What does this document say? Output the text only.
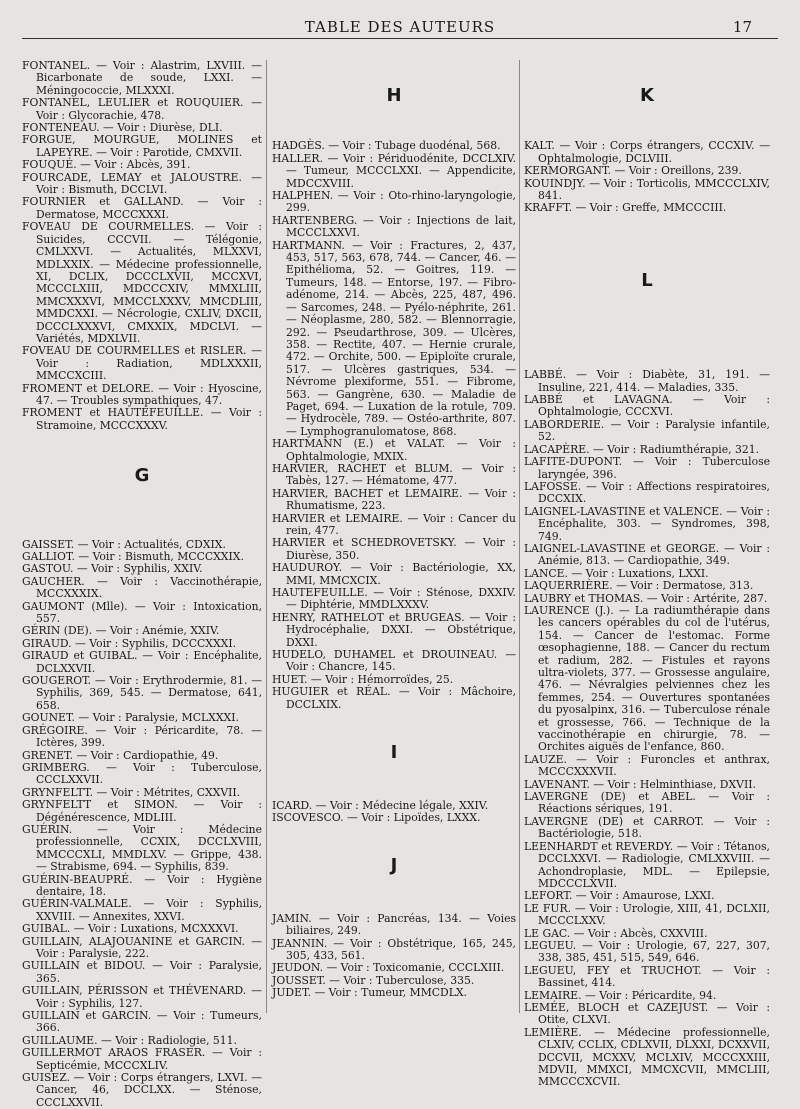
TABLE DES AUTEURS	17

FONTANEL. — Voir : Alastrim, LXVIII. — Bicarbonate de soude, LXXI. — Méningococcie, MLXXXI.

FONTANEL, LEULIER et ROUQUIER. — Voir : Glycorachie, 478.

FONTENEAU. — Voir : Diurèse, DLI.

FORGUE, MOURGUE, MOLINES et LAPEYRE. — Voir : Parotide, CMXVII.

FOUQUÉ. — Voir : Abcès, 391.

FOURCADE, LEMAY et JALOUSTRE. — Voir : Bismuth, DCCLVI.

FOURNIER et GALLAND. — Voir : Dermatose, MCCCXXXI.

FOVEAU DE COURMELLES. — Voir : Suicides, CCCVII. — Télégonie, CMLXXVI. — Actualités, MLXXVI, MDLXXIX. — Médecine professionnelle, XI, DCLIX, DCCCLXVII, MCCXVI, MCCCLXIII, MDCCCXIV, MMXLIII, MMCXXXVI, MMCCLXXXV, MMCDLIII, MMDCXXI. — Nécrologie, CXLIV, DXCII, DCCCLXXXVI, CMXXIX, MDCLVI. — Variétés, MDXLVII.

FOVEAU DE COURMELLES et RISLER. — Voir : Radiation, MDLXXXII, MMCCXCIII.

FROMENT et DELORE. — Voir : Hyoscine, 47. — Troubles sympathiques, 47.

FROMENT et HAUTEFEUILLE. — Voir : Stramoine, MCCCXXXV.

G

GAISSET. — Voir : Actualités, CDXIX.

GALLIOT. — Voir : Bismuth, MCCCXXIX.

GASTOU. — Voir : Syphilis, XXIV.

GAUCHER. — Voir : Vaccinothérapie, MCCXXXIX.

GAUMONT (Mlle). — Voir : Intoxication, 557.

GÉRIN (DE). — Voir : Anémie, XXIV.

GIRAUD. — Voir : Syphilis, DCCCXXXI.

GIRAUD et GUIBAL. — Voir : Encéphalite, DCLXXVII.

GOUGEROT. — Voir : Erythrodermie, 81. — Syphilis, 369, 545. — Dermatose, 641, 658.

GOUNET. — Voir : Paralysie, MCLXXXI.

GRÉGOIRE. — Voir : Péricardite, 78. — Ictères, 399.

GRENET. — Voir : Cardiopathie, 49.

GRIMBERG. — Voir : Tuberculose, CCCLXXVII.

GRYNFELTT. — Voir : Métrites, CXXVII.

GRYNFELTT et SIMON. — Voir : Dégénérescence, MDLIII.

GUÉRIN. — Voir : Médecine professionnelle, CCXIX, DCCLXVIII, MMCCCXLI, MMDLXV. — Grippe, 438. — Strabisme, 694. — Syphilis, 839.

GUÉRIN-BEAUPRÉ. — Voir : Hygiène dentaire, 18.

GUÉRIN-VALMALE. — Voir : Syphilis, XXVIII. — Annexites, XXVI.

GUIBAL. — Voir : Luxations, MCXXXVI.

GUILLAIN, ALAJOUANINE et GARCIN. — Voir : Paralysie, 222.

GUILLAIN et BIDOU. — Voir : Paralysie, 365.

GUILLAIN, PÉRISSON et THÉVENARD. — Voir : Syphilis, 127.

GUILLAIN et GARCIN. — Voir : Tumeurs, 366.

GUILLAUME. — Voir : Radiologie, 511.

GUILLERMOT ARAOS FRASER. — Voir : Septicémie, MCCCXLIV.

GUISEZ. — Voir : Corps étrangers, LXVI. — Cancer, 46, DCCLXX. — Sténose, CCCLXXVII.

H

HADGÈS. — Voir : Tubage duodénal, 568.

HALLER. — Voir : Périduodénite, DCCLXIV. — Tumeur, MCCCLXXI. — Appendicite, MDCCXVIII.

HALPHEN. — Voir : Oto-rhino-laryngologie, 299.

HARTENBERG. — Voir : Injections de lait, MCCCLXXVI.

HARTMANN. — Voir : Fractures, 2, 437, 453, 517, 563, 678, 744. — Cancer, 46. — Epithélioma, 52. — Goitres, 119. — Tumeurs, 148. — Entorse, 197. — Fibro-adénome, 214. — Abcès, 225, 487, 496. — Sarcomes, 248. — Pyélo-néphrite, 261. — Néoplasme, 280, 582. — Blennorragie, 292. — Pseudarthrose, 309. — Ulcères, 358. — Rectite, 407. — Hernie crurale, 472. — Orchite, 500. — Epiploïte crurale, 517. — Ulcères gastriques, 534. — Névrome plexiforme, 551. — Fibrome, 563. — Gangrène, 630. — Maladie de Paget, 694. — Luxation de la rotule, 709. — Hydrocèle, 789. — Ostéo-arthrite, 807. — Lymphogranulomatose, 868.

HARTMANN (E.) et VALAT. — Voir : Ophtalmologie, MXIX.

HARVIER, RACHET et BLUM. — Voir : Tabès, 127. — Hématome, 477.

HARVIER, BACHET et LEMAIRE. — Voir : Rhumatisme, 223.

HARVIER et LEMAIRE. — Voir : Cancer du rein, 477.

HARVIER et SCHEDROVETSKY. — Voir : Diurèse, 350.

HAUDUROY. — Voir : Bactériologie, XX, MMI, MMCXCIX.

HAUTEFEUILLE. — Voir : Sténose, DXXIV. — Diphtérie, MMDLXXXV.

HENRY, RATHELOT et BRUGEAS. — Voir : Hydrocéphalie, DXXI. — Obstétrique, DXXI.

HUDELO, DUHAMEL et DROUINEAU. — Voir : Chancre, 145.

HUET. — Voir : Hémorroïdes, 25.

HUGUIER et RÉAL. — Voir : Mâchoire, DCCLXIX.

I

ICARD. — Voir : Médecine légale, XXIV.

ISCOVESCO. — Voir : Lipoïdes, LXXX.

J

JAMIN. — Voir : Pancréas, 134. — Voies biliaires, 249.

JEANNIN. — Voir : Obstétrique, 165, 245, 305, 433, 561.

JEUDON. — Voir : Toxicomanie, CCCLXIII.

JOUSSET. — Voir : Tuberculose, 335.

JUDET. — Voir : Tumeur, MMCDLX.

K

KALT. — Voir : Corps étrangers, CCCXIV. — Ophtalmologie, DCLVIII.

KERMORGANT. — Voir : Oreillons, 239.

KOUINDJY. — Voir : Torticolis, MMCCCLXIV, 841.

KRAFFT. — Voir : Greffe, MMCCCIII.

L

LABBÉ. — Voir : Diabète, 31, 191. — Insuline, 221, 414. — Maladies, 335.

LABBÉ et LAVAGNA. — Voir : Ophtalmologie, CCCXVI.

LABORDERIE. — Voir : Paralysie infantile, 52.

LACAPÈRE. — Voir : Radiumthérapie, 321.

LAFITE-DUPONT. — Voir : Tuberculose laryngée, 396.

LAFOSSE. — Voir : Affections respiratoires, DCCXIX.

LAIGNEL-LAVASTINE et VALENCE. — Voir : Encéphalite, 303. — Syndromes, 398, 749.

LAIGNEL-LAVASTINE et GEORGE. — Voir : Anémie, 813. — Cardiopathie, 349.

LANCE. — Voir : Luxations, LXXI.

LAQUERRIÈRE. — Voir : Dermatose, 313.

LAUBRY et THOMAS. — Voir : Artérite, 287.

LAURENCE (J.). — La radiumthérapie dans les cancers opérables du col de l'utérus, 154. — Cancer de l'estomac. Forme œsophagienne, 188. — Cancer du rectum et radium, 282. — Fistules et rayons ultra-violets, 377. — Grossesse angulaire, 476. — Névralgies pelviennes chez les femmes, 254. — Ouvertures spontanées du pyosalpinx, 316. — Tuberculose rénale et grossesse, 766. — Technique de la vaccinothérapie en chirurgie, 78. — Orchites aiguës de l'enfance, 860.

LAUZE. — Voir : Furoncles et anthrax, MCCCXXXVII.

LAVENANT. — Voir : Helminthiase, DXVII.

LAVERGNE (DE) et ABEL. — Voir : Réactions sériques, 191.

LAVERGNE (DE) et CARROT. — Voir : Bactériologie, 518.

LEENHARDT et REVERDY. — Voir : Tétanos, DCCLXXVI. — Radiologie, CMLXXVIII. — Achondroplasie, MDL. — Epilepsie, MDCCCLXVII.

LEFORT. — Voir : Amaurose, LXXI.

LE FUR. — Voir : Urologie, XIII, 41, DCLXII, MCCCLXXV.

LE GAC. — Voir : Abcès, CXXVIII.

LEGUEU. — Voir : Urologie, 67, 227, 307, 338, 385, 451, 515, 549, 646.

LEGUEU, FEY et TRUCHOT. — Voir : Bassinet, 414.

LEMAIRE. — Voir : Péricardite, 94.

LEMÉE, BLOCH et CAZEJUST. — Voir : Otite, CLXVI.

LEMIÈRE. — Médecine professionnelle, CLXIV, CCLIX, CDLXVII, DLXXI, DCXXVII, DCCVII, MCXXV, MCLXIV, MCCCXXIII, MDVII, MMXCI, MMCXCVII, MMCLIII, MMCCCXCVII.
